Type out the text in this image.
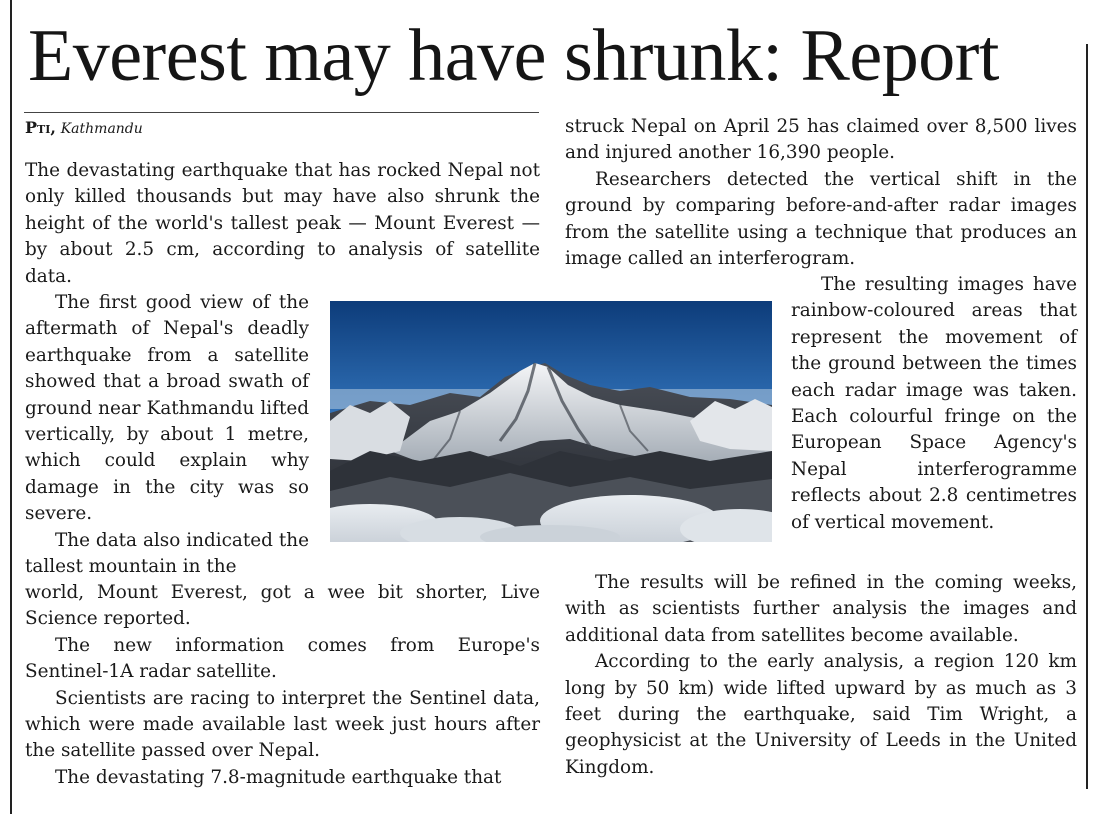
Everest may have shrunk: Report
Pti, Kathmandu

The devastating earthquake that has rocked Nepal not only killed thousands but may have also shrunk the height of the world's tallest peak — Mount Everest — by about 2.5 cm, according to analysis of satellite data.

The first good view of the aftermath of Nepal's deadly earthquake from a satellite showed that a broad swath of ground near Kathmandu lifted vertically, by about 1 metre, which could explain why damage in the city was so severe.

The data also indicated the tallest mountain in the

world, Mount Everest, got a wee bit shorter, Live Science reported.

The new information comes from Europe's Sentinel-1A radar satellite.

Scientists are racing to interpret the Sentinel data, which were made available last week just hours after the satellite passed over Nepal.

The devastating 7.8-magnitude earthquake that

struck Nepal on April 25 has claimed over 8,500 lives and injured another 16,390 people.

Researchers detected the vertical shift in the ground by comparing before-and-after radar images from the satellite using a technique that produces an image called an interferogram.

The resulting images have rainbow-coloured areas that represent the movement of the ground between the times each radar image was taken. Each colourful fringe on the European Space Agency's Nepal interferogramme reflects about 2.8 centimetres of vertical movement.

The results will be refined in the coming weeks, with as scientists further analysis the images and additional data from satellites become available.

According to the early analysis, a region 120 km long by 50 km) wide lifted upward by as much as 3 feet during the earthquake, said Tim Wright, a geophysicist at the University of Leeds in the United Kingdom.
